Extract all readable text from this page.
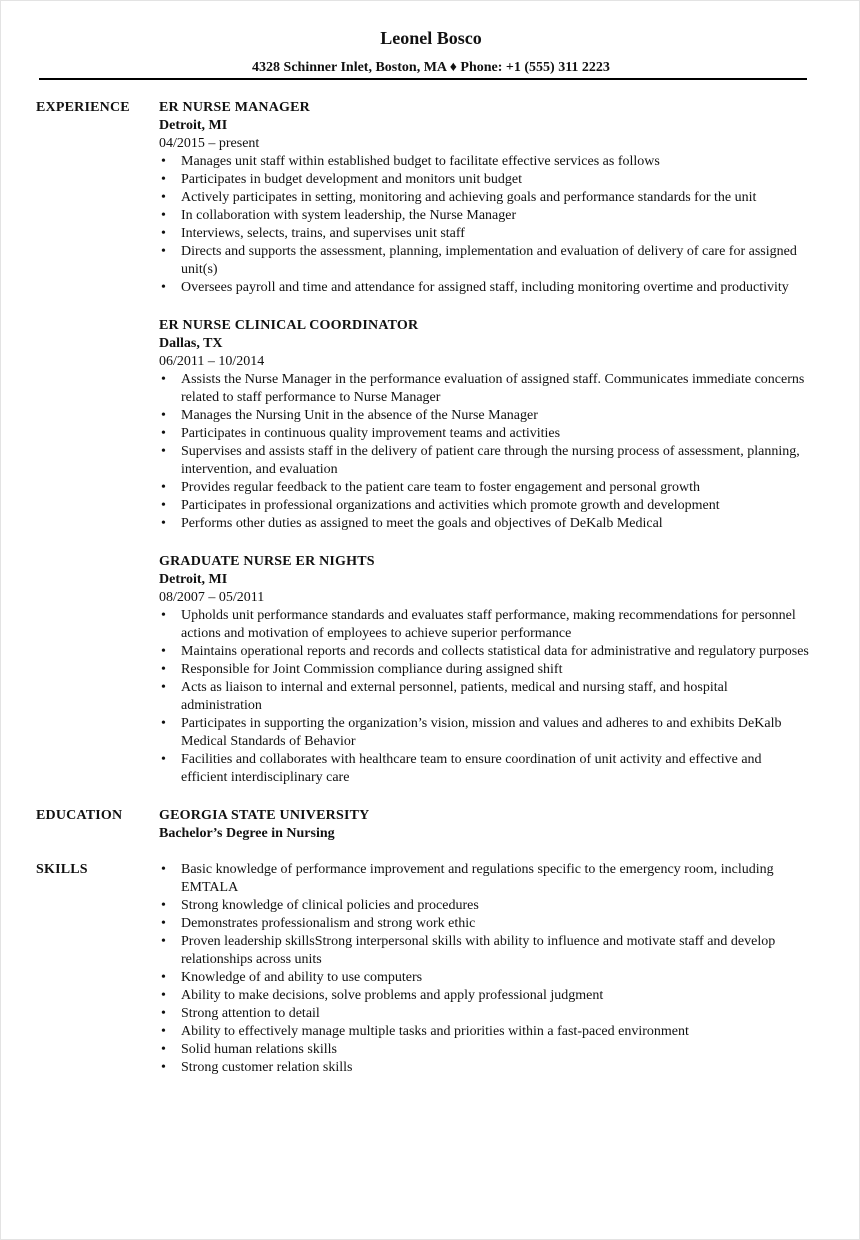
Leonel Bosco
4328 Schinner Inlet, Boston, MA ♦ Phone: +1 (555) 311 2223
EXPERIENCE ER NURSE MANAGER
Detroit, MI
04/2015 – present
• Manages unit staff within established budget to facilitate effective services as follows
• Participates in budget development and monitors unit budget
• Actively participates in setting, monitoring and achieving goals and performance standards for the unit
• In collaboration with system leadership, the Nurse Manager
• Interviews, selects, trains, and supervises unit staff
• Directs and supports the assessment, planning, implementation and evaluation of delivery of care for assigned unit(s)
• Oversees payroll and time and attendance for assigned staff, including monitoring overtime and productivity
ER NURSE CLINICAL COORDINATOR
Dallas, TX
06/2011 – 10/2014
• Assists the Nurse Manager in the performance evaluation of assigned staff. Communicates immediate concerns related to staff performance to Nurse Manager
• Manages the Nursing Unit in the absence of the Nurse Manager
• Participates in continuous quality improvement teams and activities
• Supervises and assists staff in the delivery of patient care through the nursing process of assessment, planning, intervention, and evaluation
• Provides regular feedback to the patient care team to foster engagement and personal growth
• Participates in professional organizations and activities which promote growth and development
• Performs other duties as assigned to meet the goals and objectives of DeKalb Medical
GRADUATE NURSE ER NIGHTS
Detroit, MI
08/2007 – 05/2011
• Upholds unit performance standards and evaluates staff performance, making recommendations for personnel actions and motivation of employees to achieve superior performance
• Maintains operational reports and records and collects statistical data for administrative and regulatory purposes
• Responsible for Joint Commission compliance during assigned shift
• Acts as liaison to internal and external personnel, patients, medical and nursing staff, and hospital administration
• Participates in supporting the organization’s vision, mission and values and adheres to and exhibits DeKalb Medical Standards of Behavior
• Facilities and collaborates with healthcare team to ensure coordination of unit activity and effective and efficient interdisciplinary care
EDUCATION	GEORGIA STATE UNIVERSITY
Bachelor’s Degree in Nursing
SKILLS	• Basic knowledge of performance improvement and regulations specific to the emergency room, including EMTALA
• Strong knowledge of clinical policies and procedures
• Demonstrates professionalism and strong work ethic
• Proven leadership skillsStrong interpersonal skills with ability to influence and motivate staff and develop relationships across units
• Knowledge of and ability to use computers
• Ability to make decisions, solve problems and apply professional judgment
• Strong attention to detail
• Ability to effectively manage multiple tasks and priorities within a fast-paced environment
• Solid human relations skills
• Strong customer relation skills
